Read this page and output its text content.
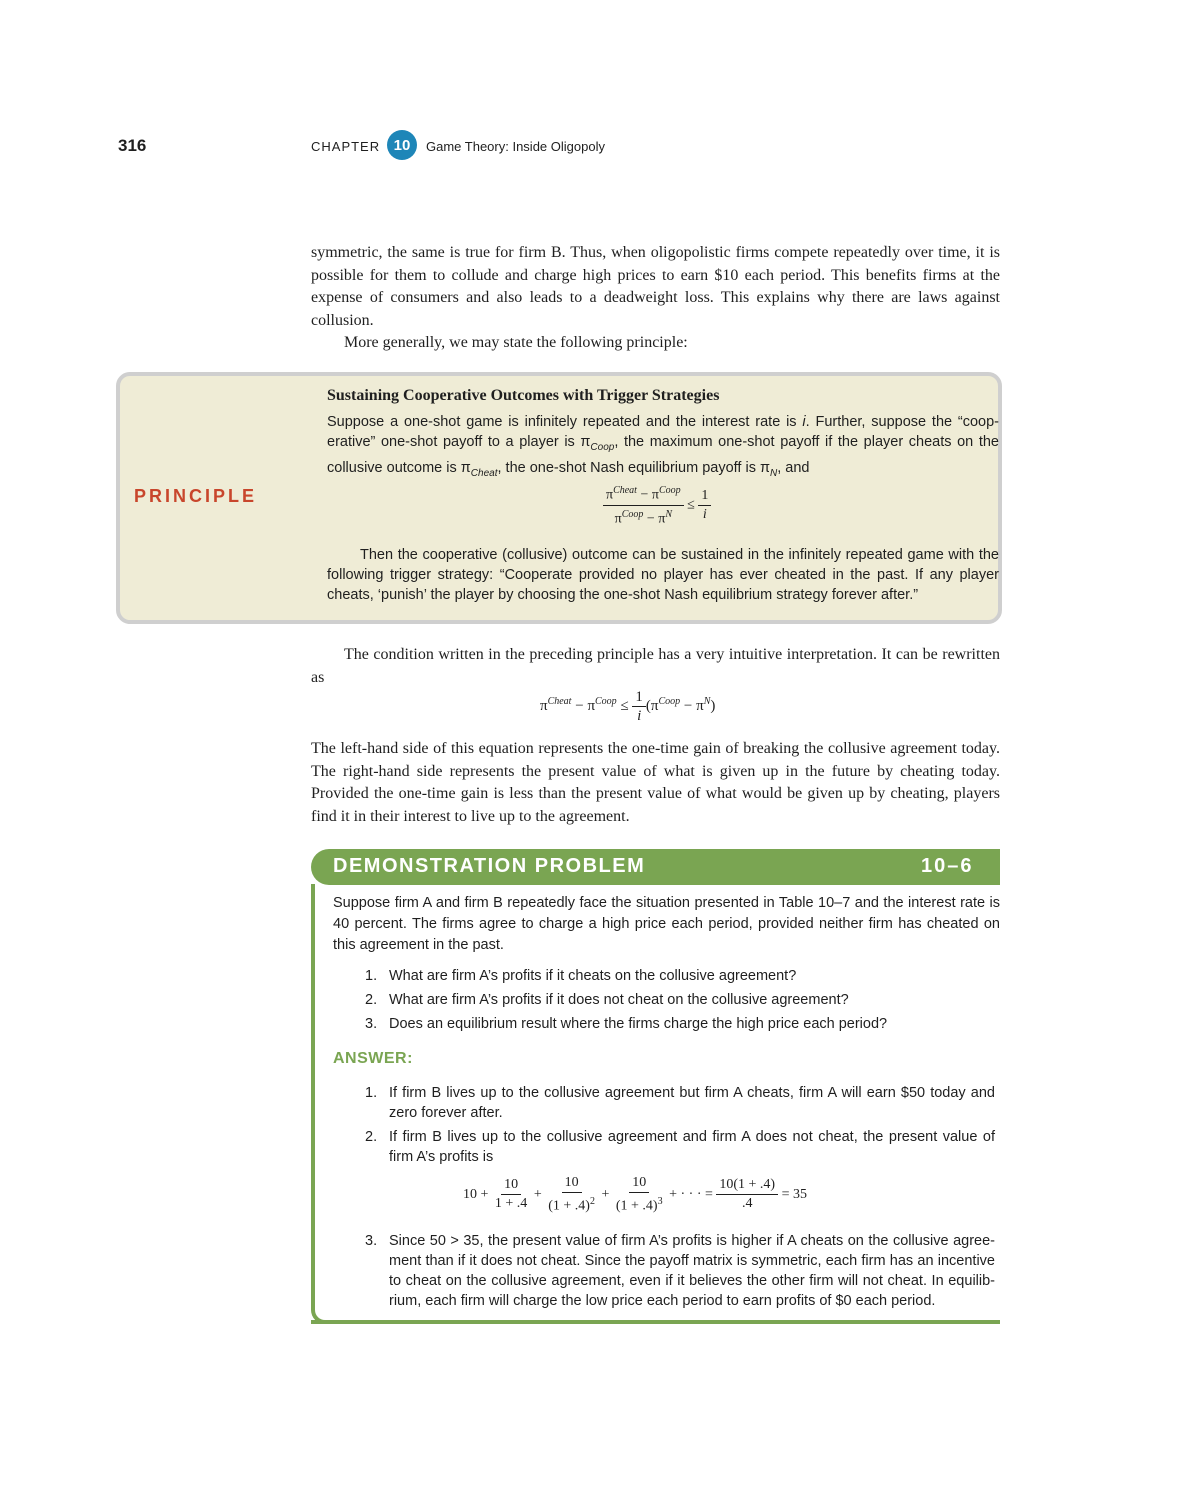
316	CHAPTER 10	Game Theory: Inside Oligopoly

symmetric, the same is true for firm B. Thus, when oligopolistic firms compete repeatedly over time, it is possible for them to collude and charge high prices to earn $10 each period. This benefits firms at the expense of consumers and also leads to a deadweight loss. This explains why there are laws against collusion.

More generally, we may state the following principle:

PRINCIPLE
Sustaining Cooperative Outcomes with Trigger Strategies

Suppose a one-shot game is infinitely repeated and the interest rate is i. Further, suppose the “coop-erative” one-shot payoff to a player is $\pi_{Coop}$, the maximum one-shot payoff if the player cheats on the collusive outcome is $\pi_{Cheat}$, the one-shot Nash equilibrium payoff is $\pi_N$, and

$\frac{\pi^{Cheat} - \pi^{Coop}}{\pi^{Coop} - \pi^N} \le \frac{1}{i}$
Then the cooperative (collusive) outcome can be sustained in the infinitely repeated game with the following trigger strategy: “Cooperate provided no player has ever cheated in the past. If any player cheats, ‘punish’ the player by choosing the one-shot Nash equilibrium strategy forever after.”
The condition written in the preceding principle has a very intuitive interpretation. It can be rewritten as
$\pi^{Cheat} - \pi^{Coop} \le \frac{1}{i} (\pi^{Coop} - \pi^N)$
The left-hand side of this equation represents the one-time gain of breaking the collusive agreement today. The right-hand side represents the present value of what is given up in the future by cheating today. Provided the one-time gain is less than the present value of what would be given up by cheating, players find it in their interest to live up to the agreement.
DEMONSTRATION PROBLEM	10–6
Suppose firm A and firm B repeatedly face the situation presented in Table 10–7 and the interest rate is 40 percent. The firms agree to charge a high price each period, provided neither firm has cheated on this agreement in the past.
1. What are firm A’s profits if it cheats on the collusive agreement?
2. What are firm A’s profits if it does not cheat on the collusive agreement?
3. Does an equilibrium result where the firms charge the high price each period?
ANSWER:
1. If firm B lives up to the collusive agreement but firm A cheats, firm A will earn $50 today and zero forever after.
2. If firm B lives up to the collusive agreement and firm A does not cheat, the present value of firm A’s profits is
$10 + \frac{10}{1 + .4} + \frac{10}{(1 + .4)^2} + \frac{10}{(1 + .4)^3}$ + · · · = $\frac{10(1 + .4)}{.4} = 35$
3. Since 50 > 35, the present value of firm A’s profits is higher if A cheats on the collusive agree-ment than if it does not cheat. Since the payoff matrix is symmetric, each firm has an incentive to cheat on the collusive agreement, even if it believes the other firm will not cheat. In equilib-rium, each firm will charge the low price each period to earn profits of $0 each period.
